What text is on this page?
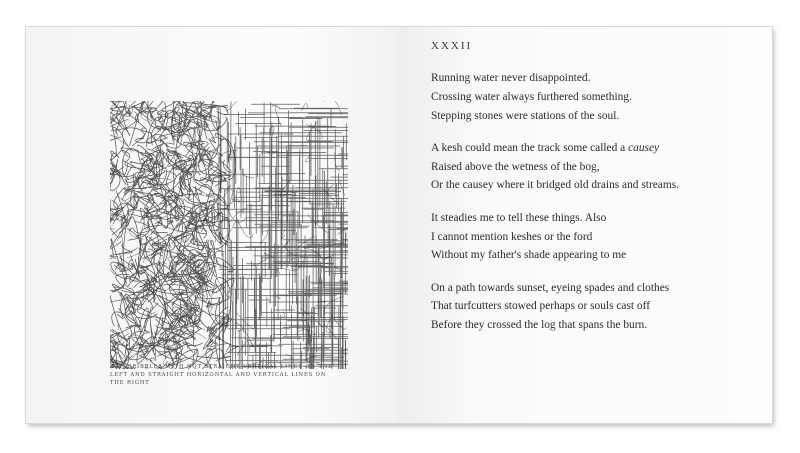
32 SCRIBBLES WITH NOT STRAIGHT VERTICAL LINES ON THE LEFT AND STRAIGHT HORIZONTAL AND VERTICAL LINES ON THE RIGHT
XXXII
Running water never disappointed.
Crossing water always furthered something.
Stepping stones were stations of the soul.
A kesh could mean the track some called a causey
Raised above the wetness of the bog,
Or the causey where it bridged old drains and streams.
It steadies me to tell these things. Also
I cannot mention keshes or the ford
Without my father's shade appearing to me
On a path towards sunset, eyeing spades and clothes
That turfcutters stowed perhaps or souls cast off
Before they crossed the log that spans the burn.
